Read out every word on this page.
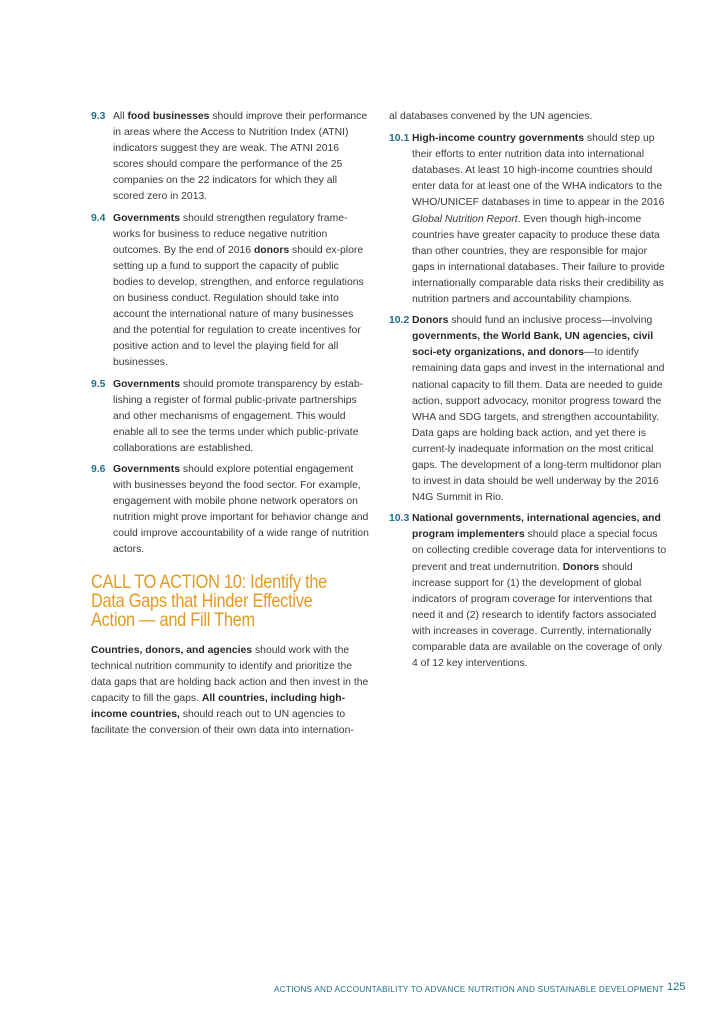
9.3 All food businesses should improve their performance in areas where the Access to Nutrition Index (ATNI) indicators suggest they are weak. The ATNI 2016 scores should compare the performance of the 25 companies on the 22 indicators for which they all scored zero in 2013.

9.4 Governments should strengthen regulatory frame-works for business to reduce negative nutrition outcomes. By the end of 2016 donors should ex-plore setting up a fund to support the capacity of public bodies to develop, strengthen, and enforce regulations on business conduct. Regulation should take into account the international nature of many businesses and the potential for regulation to create incentives for positive action and to level the playing field for all businesses.

9.5 Governments should promote transparency by estab-lishing a register of formal public-private partnerships and other mechanisms of engagement. This would enable all to see the terms under which public-private collaborations are established.

9.6 Governments should explore potential engagement with businesses beyond the food sector. For example, engagement with mobile phone network operators on nutrition might prove important for behavior change and could improve accountability of a wide range of nutrition actors.

CALL TO ACTION 10: Identify the Data Gaps that Hinder Effective Action — and Fill Them

Countries, donors, and agencies should work with the technical nutrition community to identify and prioritize the data gaps that are holding back action and then invest in the capacity to fill the gaps. All countries, including high-income countries, should reach out to UN agencies to facilitate the conversion of their own data into internation-

al databases convened by the UN agencies.

10.1 High-income country governments should step up their efforts to enter nutrition data into international databases. At least 10 high-income countries should enter data for at least one of the WHA indicators to the WHO/UNICEF databases in time to appear in the 2016 Global Nutrition Report. Even though high-income countries have greater capacity to produce these data than other countries, they are responsible for major gaps in international databases. Their failure to provide internationally comparable data risks their credibility as nutrition partners and accountability champions.

10.2 Donors should fund an inclusive process—involving governments, the World Bank, UN agencies, civil soci-ety organizations, and donors—to identify remaining data gaps and invest in the international and national capacity to fill them. Data are needed to guide action, support advocacy, monitor progress toward the WHA and SDG targets, and strengthen accountability. Data gaps are holding back action, and yet there is current-ly inadequate information on the most critical gaps. The development of a long-term multidonor plan to invest in data should be well underway by the 2016 N4G Summit in Rio.

10.3 National governments, international agencies, and program implementers should place a special focus on collecting credible coverage data for interventions to prevent and treat undernutrition. Donors should increase support for (1) the development of global indicators of program coverage for interventions that need it and (2) research to identify factors associated with increases in coverage. Currently, internationally comparable data are available on the coverage of only 4 of 12 key interventions.

ACTIONS AND ACCOUNTABILITY TO ADVANCE NUTRITION AND SUSTAINABLE DEVELOPMENT 125
